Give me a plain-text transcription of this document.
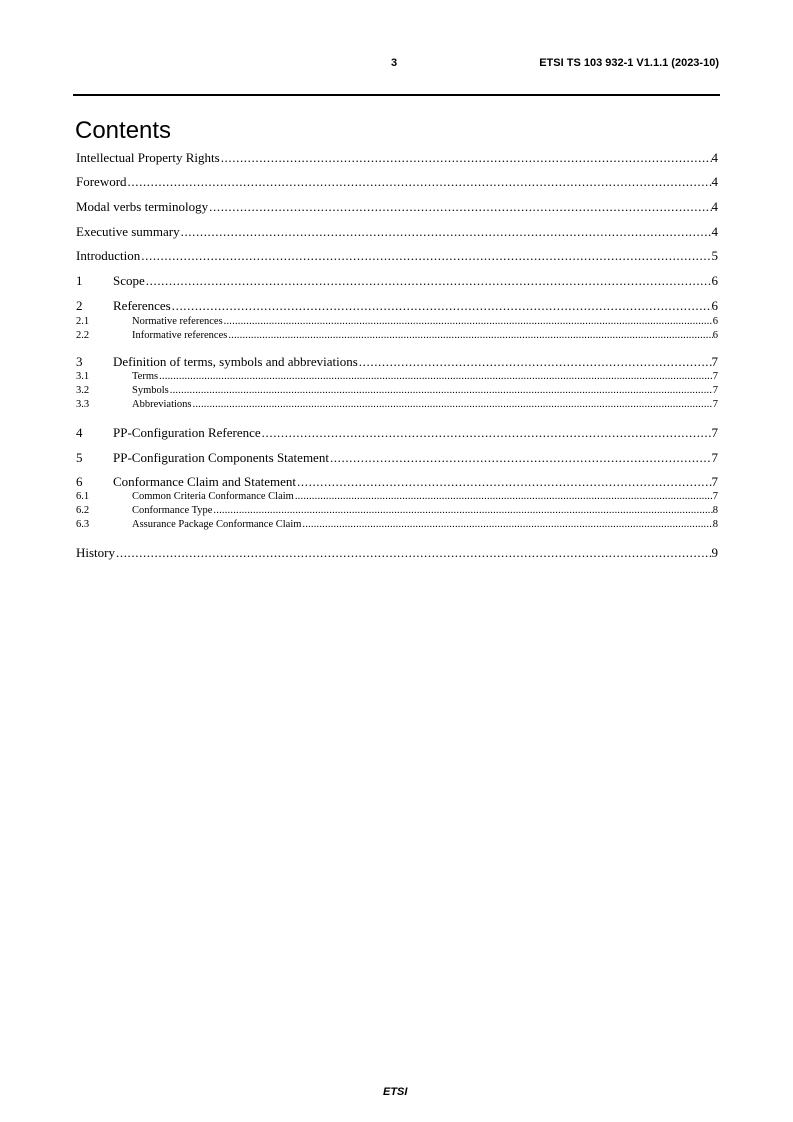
3	ETSI TS 103 932-1 V1.1.1 (2023-10)
Contents
Intellectual Property Rights .....	4
Foreword .....	4
Modal verbs terminology .....	4
Executive summary .....	4
Introduction .....	5
1	Scope .....	6
2	References .....	6
2.1	Normative references .....	6
2.2	Informative references .....	6
3	Definition of terms, symbols and abbreviations .....	7
3.1	Terms .....	7
3.2	Symbols .....	7
3.3	Abbreviations .....	7
4	PP-Configuration Reference .....	7
5	PP-Configuration Components Statement .....	7
6	Conformance Claim and Statement .....	7
6.1	Common Criteria Conformance Claim .....	7
6.2	Conformance Type .....	8
6.3	Assurance Package Conformance Claim .....	8
History .....	9
ETSI
